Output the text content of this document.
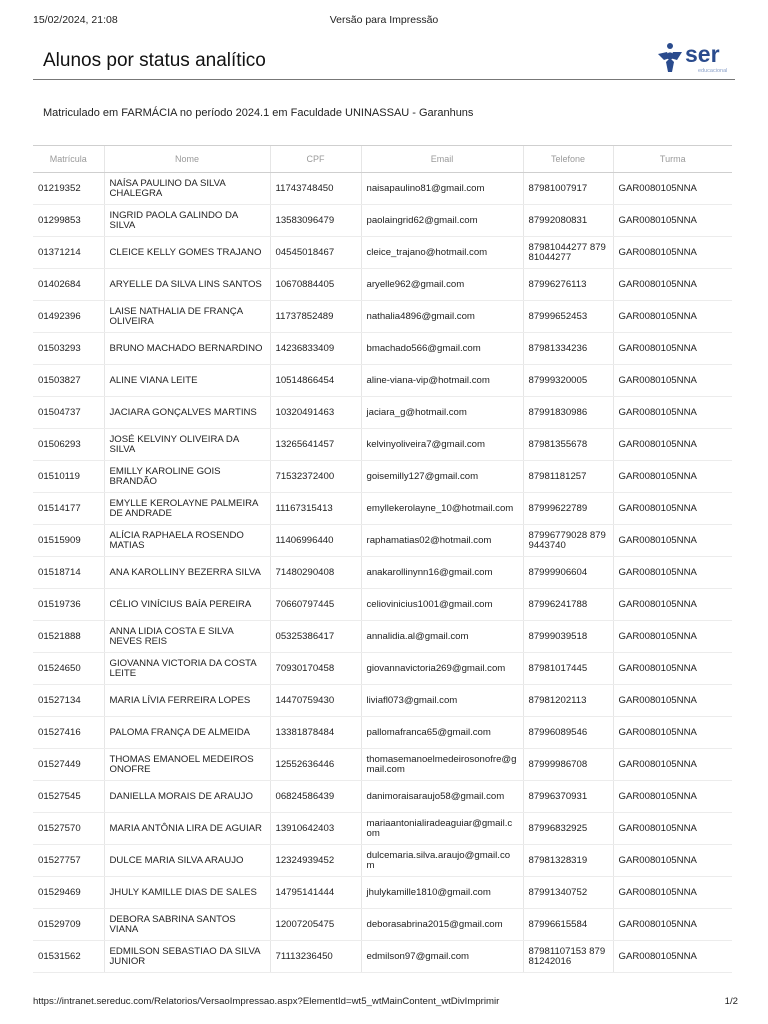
15/02/2024, 21:08	Versão para Impressão
Alunos por status analítico	ser
educacional
Matriculado em FARMÁCIA no período 2024.1 em Faculdade UNINASSAU - Garanhuns
Matrícula	Nome	CPF	Email	Telefone	Turma
01219352	NAÍSA PAULINO DA SILVA CHALEGRA	11743748450	naisapaulino81@gmail.com	87981007917	GAR0080105NNA
01299853	INGRID PAOLA GALINDO DA SILVA	13583096479	paolaingrid62@gmail.com	87992080831	GAR0080105NNA
01371214	CLEICE KELLY GOMES TRAJANO	04545018467	cleice_trajano@hotmail.com	87981044277 87981044277	GAR0080105NNA
01402684	ARYELLE DA SILVA LINS SANTOS	10670884405	aryelle962@gmail.com	87996276113	GAR0080105NNA
01492396	LAISE NATHALIA DE FRANÇA OLIVEIRA	11737852489	nathalia4896@gmail.com	87999652453	GAR0080105NNA
01503293	BRUNO MACHADO BERNARDINO	14236833409	bmachado566@gmail.com	87981334236	GAR0080105NNA
01503827	ALINE VIANA LEITE	10514866454	aline-viana-vip@hotmail.com	87999320005	GAR0080105NNA
01504737	JACIARA GONÇALVES MARTINS	10320491463	jaciara_g@hotmail.com	87991830986	GAR0080105NNA
01506293	JOSÉ KELVINY OLIVEIRA DA SILVA	13265641457	kelvinyoliveira7@gmail.com	87981355678	GAR0080105NNA
01510119	EMILLY KAROLINE GOIS BRANDÃO	71532372400	goisemilly127@gmail.com	87981181257	GAR0080105NNA
01514177	EMYLLE KEROLAYNE PALMEIRA DE ANDRADE	11167315413	emyllekerolayne_10@hotmail.com	87999622789	GAR0080105NNA
01515909	ALÍCIA RAPHAELA ROSENDO MATIAS	11406996440	raphamatias02@hotmail.com	87996779028 8799443740	GAR0080105NNA
01518714	ANA KAROLLINY BEZERRA SILVA	71480290408	anakarollinynn16@gmail.com	87999906604	GAR0080105NNA
01519736	CÉLIO VINÍCIUS BAÍA PEREIRA	70660797445	celiovinicius1001@gmail.com	87996241788	GAR0080105NNA
01521888	ANNA LIDIA COSTA E SILVA NEVES REIS	05325386417	annalidia.al@gmail.com	87999039518	GAR0080105NNA
01524650	GIOVANNA VICTORIA DA COSTA LEITE	70930170458	giovannavictoria269@gmail.com	87981017445	GAR0080105NNA
01527134	MARIA LÍVIA FERREIRA LOPES	14470759430	liviafl073@gmail.com	87981202113	GAR0080105NNA
01527416	PALOMA FRANÇA DE ALMEIDA	13381878484	pallomafranca65@gmail.com	87996089546	GAR0080105NNA
01527449	THOMAS EMANOEL MEDEIROS ONOFRE	12552636446	thomasemanoelmedeirosonofre@gmail.com	87999986708	GAR0080105NNA
01527545	DANIELLA MORAIS DE ARAUJO	06824586439	danimoraisaraujo58@gmail.com	87996370931	GAR0080105NNA
01527570	MARIA ANTÔNIA LIRA DE AGUIAR	13910642403	mariaantonialiradeaguiar@gmail.com	87996832925	GAR0080105NNA
01527757	DULCE MARIA SILVA ARAUJO	12324939452	dulcemaria.silva.araujo@gmail.com	87981328319	GAR0080105NNA
01529469	JHULY KAMILLE DIAS DE SALES	14795141444	jhulykamille1810@gmail.com	87991340752	GAR0080105NNA
01529709	DEBORA SABRINA SANTOS VIANA	12007205475	deborasabrina2015@gmail.com	87996615584	GAR0080105NNA
01531562	EDMILSON SEBASTIAO DA SILVA JUNIOR	71113236450	edmilson97@gmail.com	87981107153 87981242016	GAR0080105NNA
https://intranet.sereduc.com/Relatorios/VersaoImpressao.aspx?ElementId=wt5_wtMainContent_wtDivImprimir	1/2
